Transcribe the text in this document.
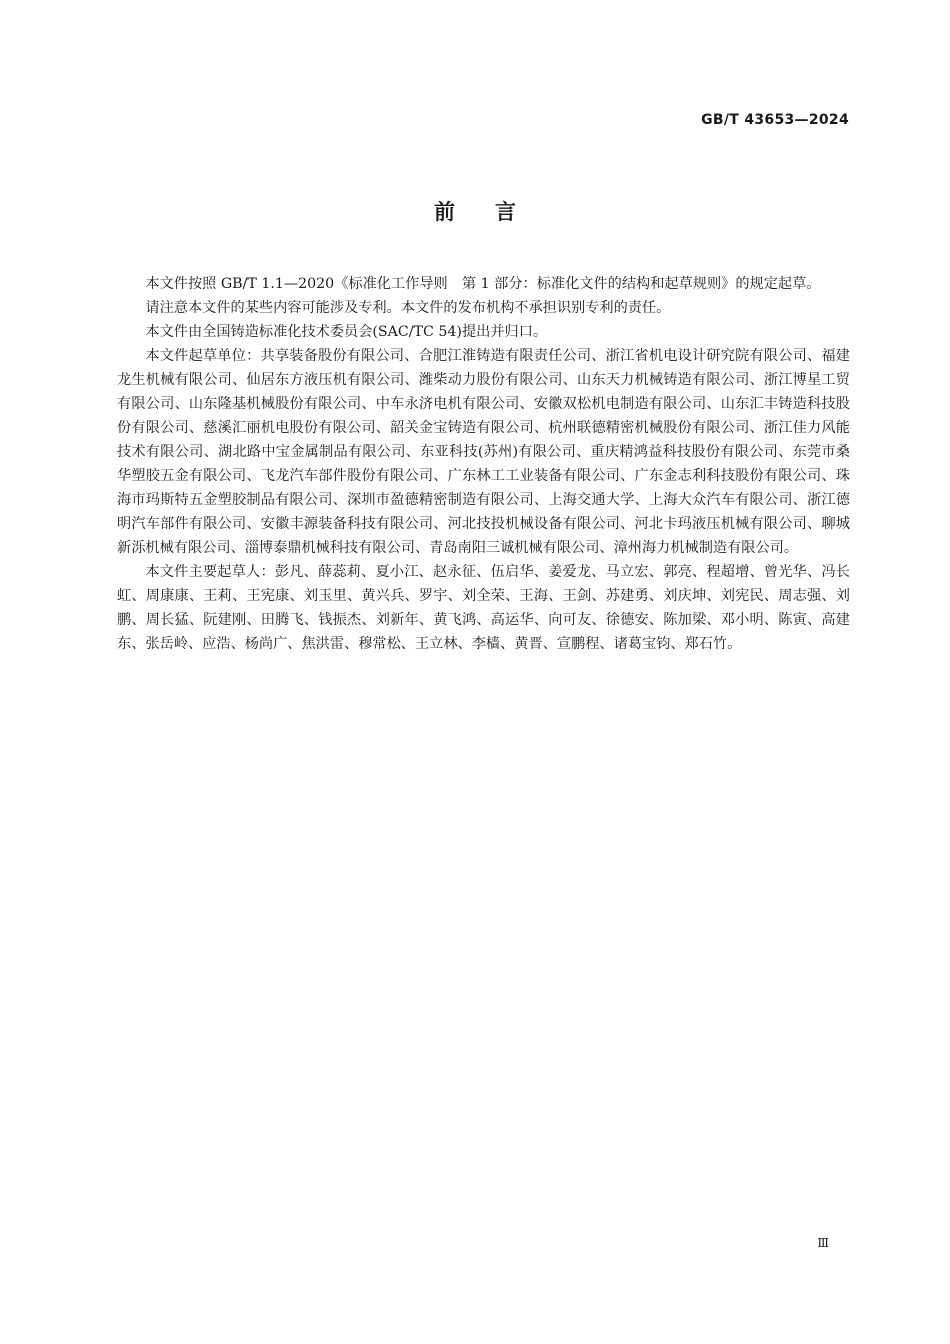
GB/T 43653—2024
前言

本文件按照 GB/T 1.1—2020《标准化工作导则　第 1 部分：标准化文件的结构和起草规则》的规定起草。

请注意本文件的某些内容可能涉及专利。本文件的发布机构不承担识别专利的责任。

本文件由全国铸造标准化技术委员会(SAC/TC 54)提出并归口。

本文件起草单位：共享装备股份有限公司、合肥江淮铸造有限责任公司、浙江省机电设计研究院有限公司、福建龙生机械有限公司、仙居东方液压机有限公司、潍柴动力股份有限公司、山东天力机械铸造有限公司、浙江博星工贸有限公司、山东隆基机械股份有限公司、中车永济电机有限公司、安徽双松机电制造有限公司、山东汇丰铸造科技股份有限公司、慈溪汇丽机电股份有限公司、韶关金宝铸造有限公司、杭州联德精密机械股份有限公司、浙江佳力风能技术有限公司、湖北路中宝金属制品有限公司、东亚科技(苏州)有限公司、重庆精鸿益科技股份有限公司、东莞市桑华塑胶五金有限公司、飞龙汽车部件股份有限公司、广东林工工业装备有限公司、广东金志利科技股份有限公司、珠海市玛斯特五金塑胶制品有限公司、深圳市盈德精密制造有限公司、上海交通大学、上海大众汽车有限公司、浙江德明汽车部件有限公司、安徽丰源装备科技有限公司、河北技投机械设备有限公司、河北卡玛液压机械有限公司、聊城新泺机械有限公司、淄博泰鼎机械科技有限公司、青岛南阳三诚机械有限公司、漳州海力机械制造有限公司。

本文件主要起草人：彭凡、薛蕊莉、夏小江、赵永征、伍启华、姜爱龙、马立宏、郭亮、程超增、曾光华、冯长虹、周康康、王莉、王宪康、刘玉里、黄兴兵、罗宇、刘全荣、王海、王剑、苏建勇、刘庆坤、刘宪民、周志强、刘鹏、周长猛、阮建刚、田腾飞、钱振杰、刘新年、黄飞鸿、高运华、向可友、徐德安、陈加梁、邓小明、陈寅、高建东、张岳岭、应浩、杨尚广、焦洪雷、穆常松、王立林、李樯、黄晋、宣鹏程、诸葛宝钧、郑石竹。

Ⅲ
